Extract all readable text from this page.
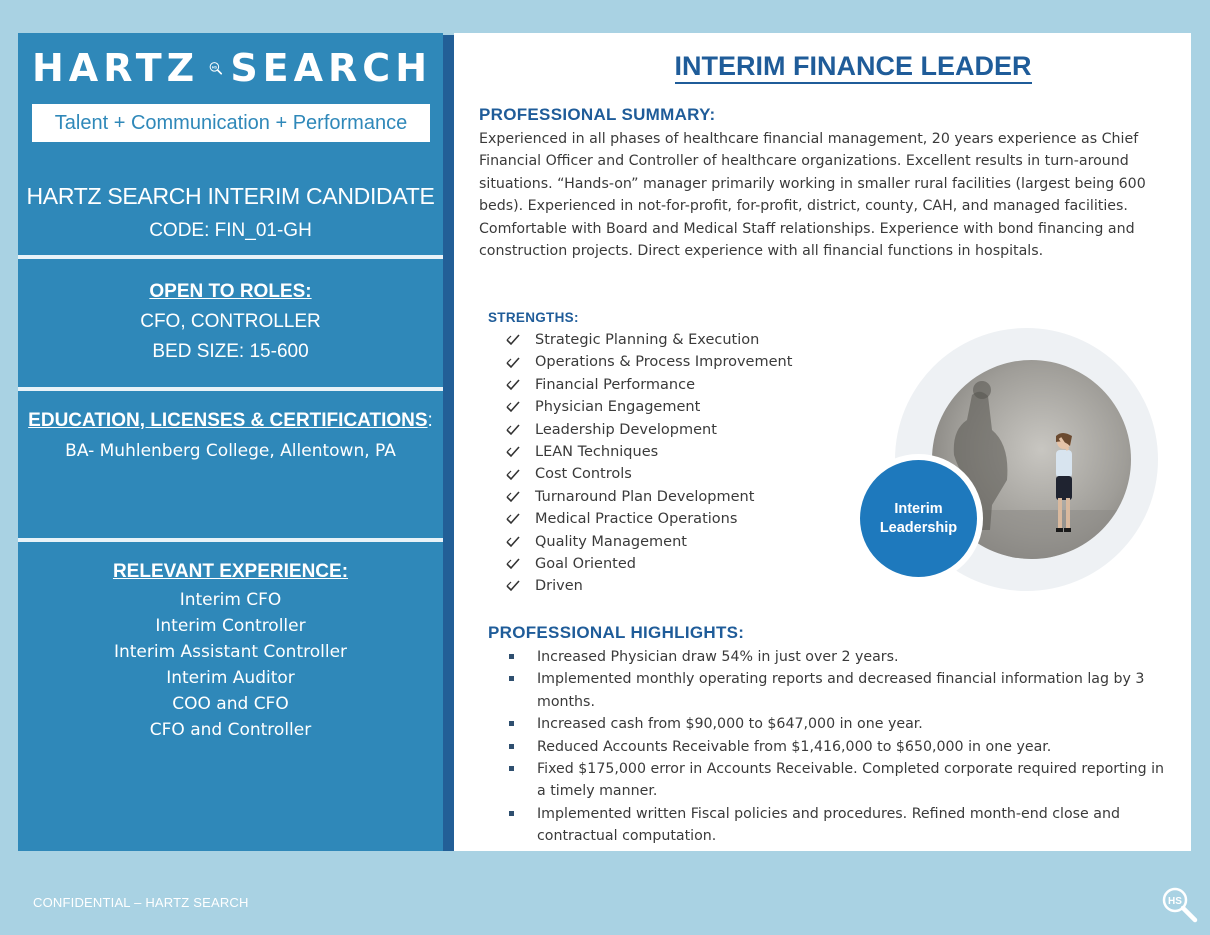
HARTZ HS SEARCH
Talent + Communication + Performance
HARTZ SEARCH INTERIM CANDIDATE
CODE: FIN_01-GH
OPEN TO ROLES:
CFO, CONTROLLER
BED SIZE: 15-600
EDUCATION, LICENSES & CERTIFICATIONS:
BA- Muhlenberg College, Allentown, PA
RELEVANT EXPERIENCE:
Interim CFO
Interim Controller
Interim Assistant Controller
Interim Auditor
COO and CFO
CFO and Controller
INTERIM FINANCE LEADER
PROFESSIONAL SUMMARY:
Experienced in all phases of healthcare financial management, 20 years experience as Chief Financial Officer and Controller of healthcare organizations. Excellent results in turn-around situations. “Hands-on” manager primarily working in smaller rural facilities (largest being 600 beds). Experienced in not-for-profit, for-profit, district, county, CAH, and managed facilities. Comfortable with Board and Medical Staff relationships. Experience with bond financing and construction projects. Direct experience with all financial functions in hospitals.
STRENGTHS:
Strategic Planning & Execution
Operations & Process Improvement
Financial Performance
Physician Engagement
Leadership Development
LEAN Techniques
Cost Controls
Turnaround Plan Development
Medical Practice Operations
Quality Management
Goal Oriented
Driven
Interim
Leadership
PROFESSIONAL HIGHLIGHTS:
Increased Physician draw 54% in just over 2 years.
Implemented monthly operating reports and decreased financial information lag by 3 months.
Increased cash from $90,000 to $647,000 in one year.
Reduced Accounts Receivable from $1,416,000 to $650,000 in one year.
Fixed $175,000 error in Accounts Receivable. Completed corporate required reporting in a timely manner.
Implemented written Fiscal policies and procedures. Refined month-end close and contractual computation.
CONFIDENTIAL – HARTZ SEARCH	HS
